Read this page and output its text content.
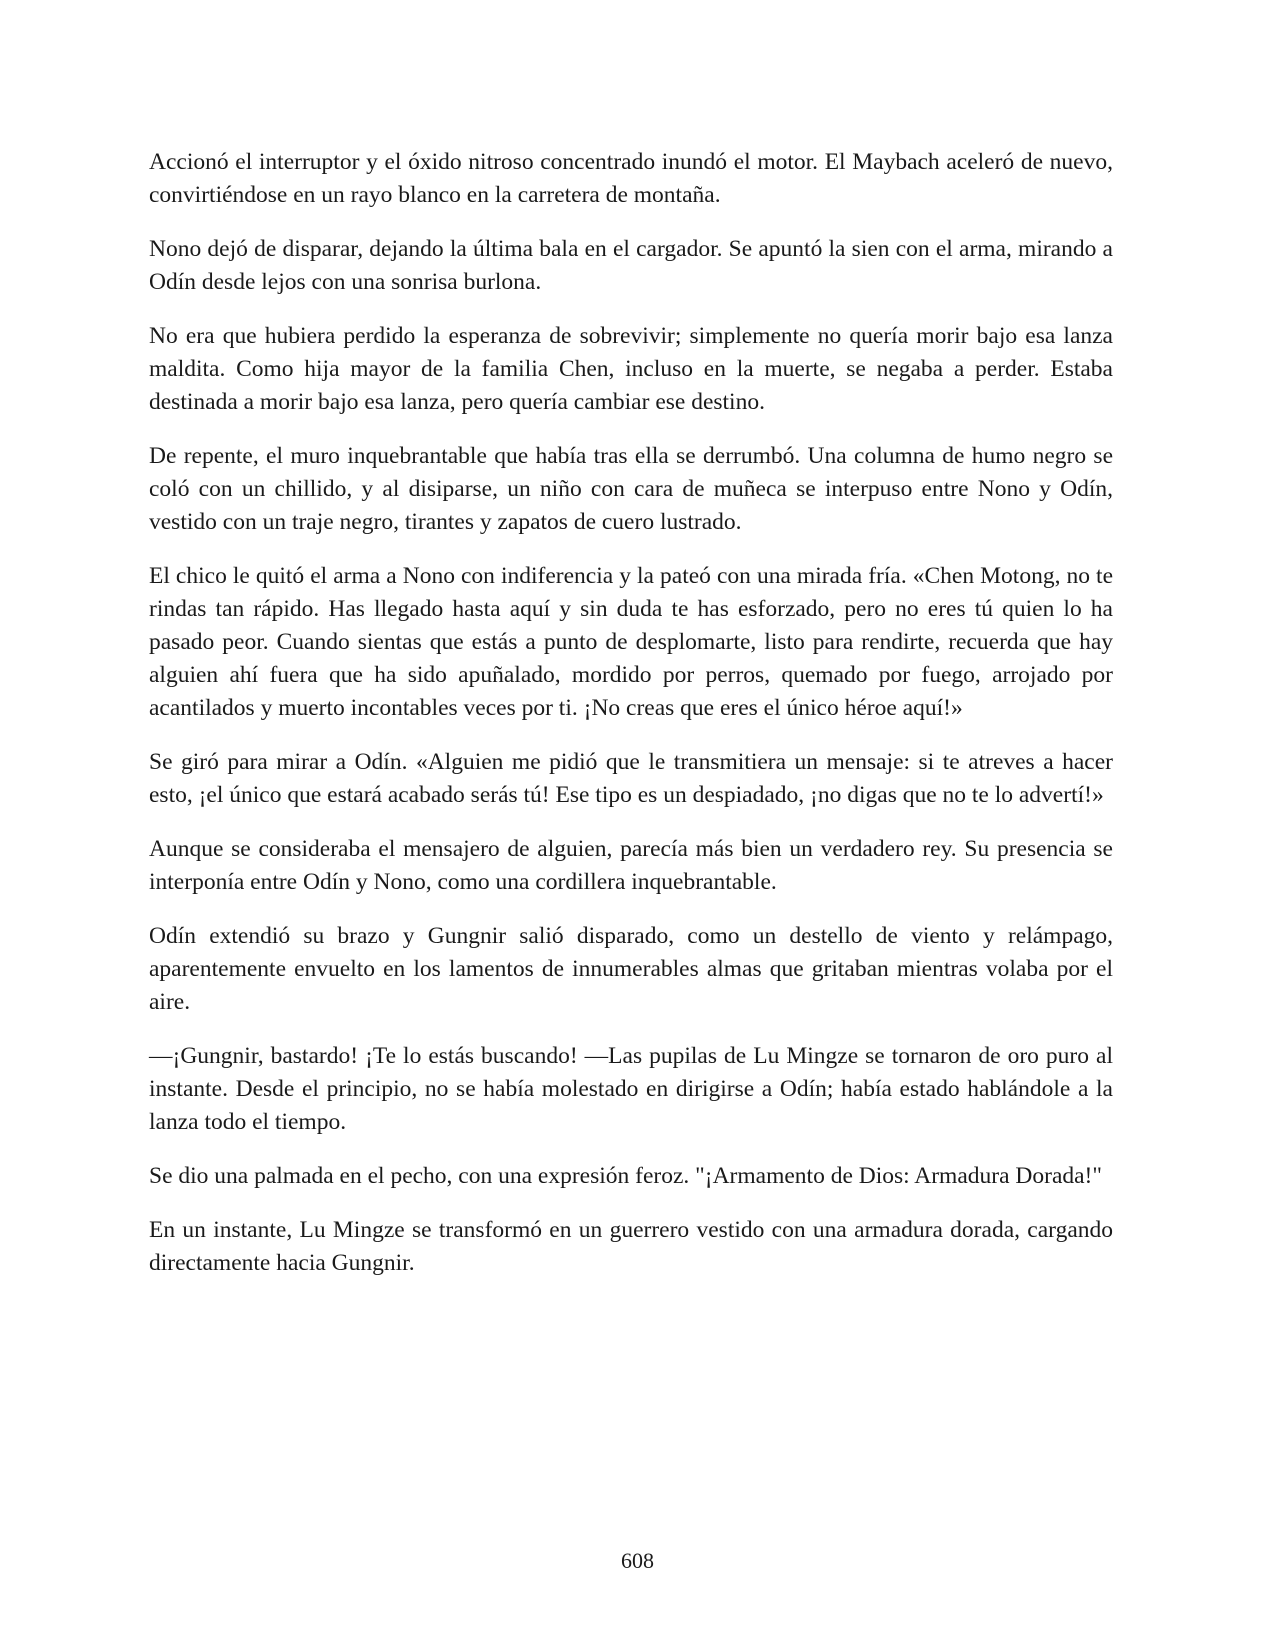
Accionó el interruptor y el óxido nitroso concentrado inundó el motor. El Maybach aceleró de nuevo, convirtiéndose en un rayo blanco en la carretera de montaña.

Nono dejó de disparar, dejando la última bala en el cargador. Se apuntó la sien con el arma, mirando a Odín desde lejos con una sonrisa burlona.

No era que hubiera perdido la esperanza de sobrevivir; simplemente no quería morir bajo esa lanza maldita. Como hija mayor de la familia Chen, incluso en la muerte, se negaba a perder. Estaba destinada a morir bajo esa lanza, pero quería cambiar ese destino.

De repente, el muro inquebrantable que había tras ella se derrumbó. Una columna de humo negro se coló con un chillido, y al disiparse, un niño con cara de muñeca se interpuso entre Nono y Odín, vestido con un traje negro, tirantes y zapatos de cuero lustrado.

El chico le quitó el arma a Nono con indiferencia y la pateó con una mirada fría. «Chen Motong, no te rindas tan rápido. Has llegado hasta aquí y sin duda te has esforzado, pero no eres tú quien lo ha pasado peor. Cuando sientas que estás a punto de desplomarte, listo para rendirte, recuerda que hay alguien ahí fuera que ha sido apuñalado, mordido por perros, quemado por fuego, arrojado por acantilados y muerto incontables veces por ti. ¡No creas que eres el único héroe aquí!»

Se giró para mirar a Odín. «Alguien me pidió que le transmitiera un mensaje: si te atreves a hacer esto, ¡el único que estará acabado serás tú! Ese tipo es un despiadado, ¡no digas que no te lo advertí!»

Aunque se consideraba el mensajero de alguien, parecía más bien un verdadero rey. Su presencia se interponía entre Odín y Nono, como una cordillera inquebrantable.

Odín extendió su brazo y Gungnir salió disparado, como un destello de viento y relámpago, aparentemente envuelto en los lamentos de innumerables almas que gritaban mientras volaba por el aire.

—¡Gungnir, bastardo! ¡Te lo estás buscando! —Las pupilas de Lu Mingze se tornaron de oro puro al instante. Desde el principio, no se había molestado en dirigirse a Odín; había estado hablándole a la lanza todo el tiempo.

Se dio una palmada en el pecho, con una expresión feroz. "¡Armamento de Dios: Armadura Dorada!"

En un instante, Lu Mingze se transformó en un guerrero vestido con una armadura dorada, cargando directamente hacia Gungnir.

608
